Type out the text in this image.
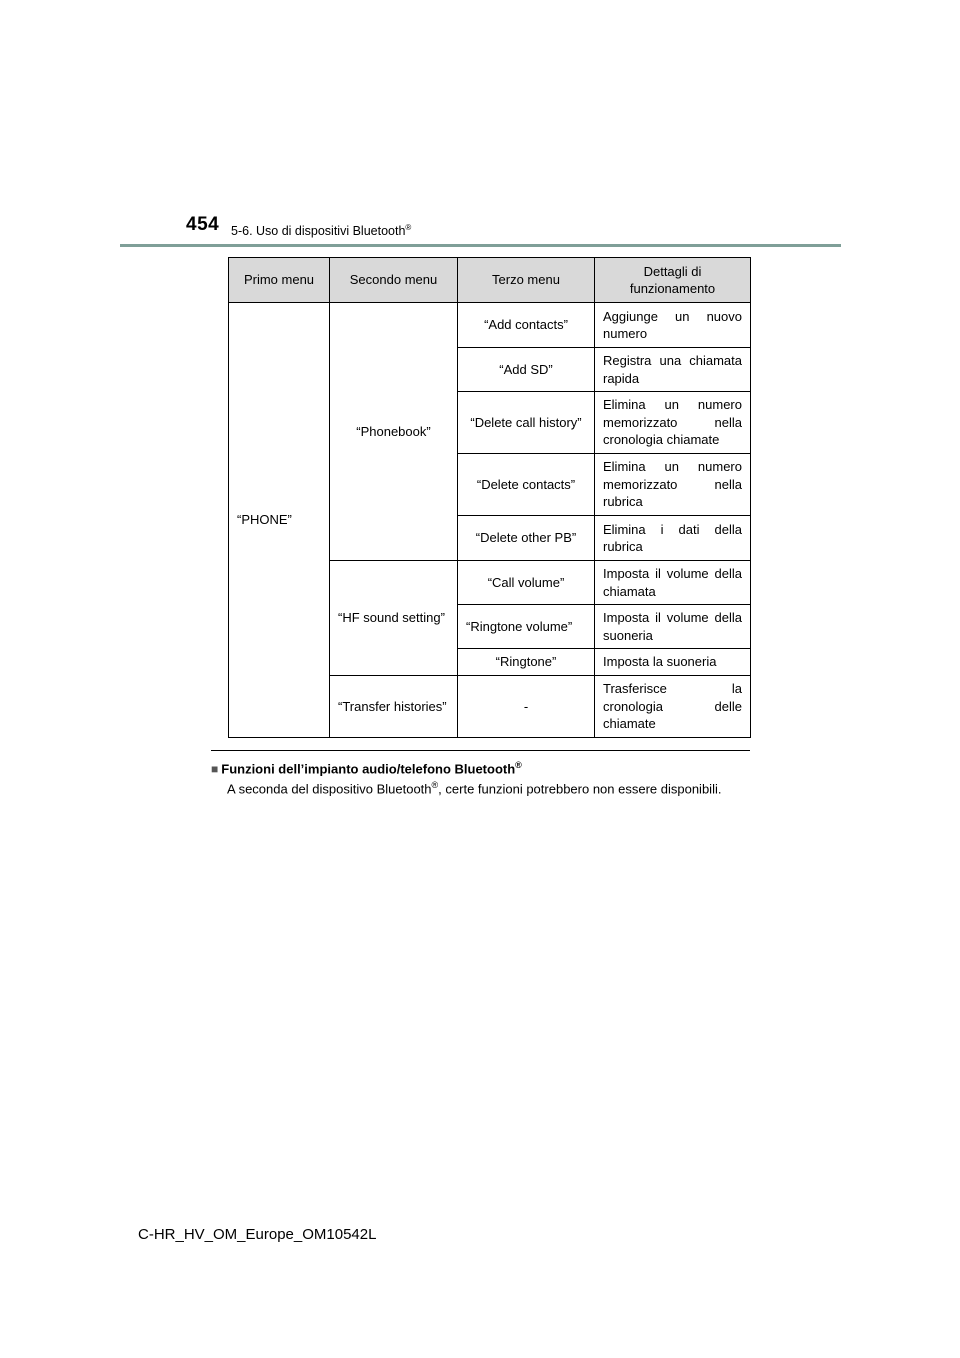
454 5-6. Uso di dispositivi Bluetooth®
Primo menu	Secondo menu	Terzo menu	Dettagli di funzionamento
“PHONE”	“Phonebook”	“Add contacts”	Aggiunge un nuovo numero
		“Add SD”	Registra una chiamata rapida
		“Delete call history”	Elimina un numero memorizzato nella cronologia chiamate
		“Delete contacts”	Elimina un numero memorizzato nella rubrica
		“Delete other PB”	Elimina i dati della rubrica
	“HF sound setting”	“Call volume”	Imposta il volume della chiamata
		“Ringtone volume”	Imposta il volume della suoneria
		“Ringtone”	Imposta la suoneria
	“Transfer histories”	-	Trasferisce la cronologia delle chiamate
■ Funzioni dell’impianto audio/telefono Bluetooth®
A seconda del dispositivo Bluetooth®, certe funzioni potrebbero non essere disponibili.
C-HR_HV_OM_Europe_OM10542L
